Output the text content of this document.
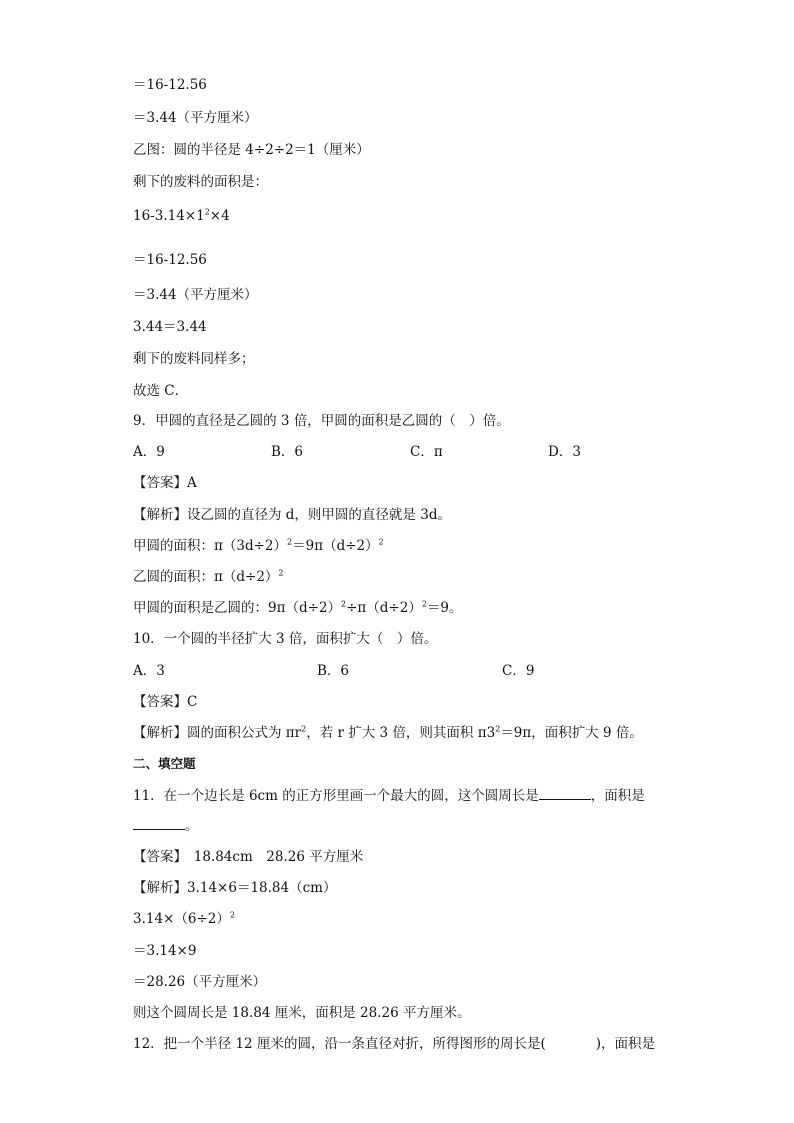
＝16-12.56
＝3.44（平方厘米）
乙图：圆的半径是 4÷2÷2＝1（厘米）
剩下的废料的面积是：
$16-3.14\times 1^2\times 4$
＝16-12.56
＝3.44（平方厘米）
3.44＝3.44
剩下的废料同样多；
故选 C．
9．甲圆的直径是乙圆的 3 倍，甲圆的面积是乙圆的（　）倍。
A．9	B．6	C．π	D．3
【答案】A
【解析】设乙圆的直径为 d，则甲圆的直径就是 3d。
甲圆的面积：$\pi(3d\div 2)^2=9\pi(d\div 2)^2$
乙圆的面积：$\pi(d\div 2)^2$
甲圆的面积是乙圆的：$9\pi(d\div 2)^2\div\pi(d\div 2)^2=9$。
10．一个圆的半径扩大 3 倍，面积扩大（　）倍。
A．3	B．6	C．9
【答案】C
【解析】圆的面积公式为 $\pi r^2$，若 r 扩大 3 倍，则其面积 $\pi 3^2=9\pi$，面积扩大 9 倍。
二、填空题
11．在一个边长是 6cm 的正方形里画一个最大的圆，这个圆周长是	，面积是
。
【答案】　18.84cm　28.26 平方厘米
【解析】3.14×6＝18.84（cm）
$3.14\times(6\div 2)^2$
＝3.14×9
＝28.26（平方厘米）
则这个圆周长是 18.84 厘米，面积是 28.26 平方厘米。
12．把一个半径 12 厘米的圆，沿一条直径对折，所得图形的周长是(	)，面积是
